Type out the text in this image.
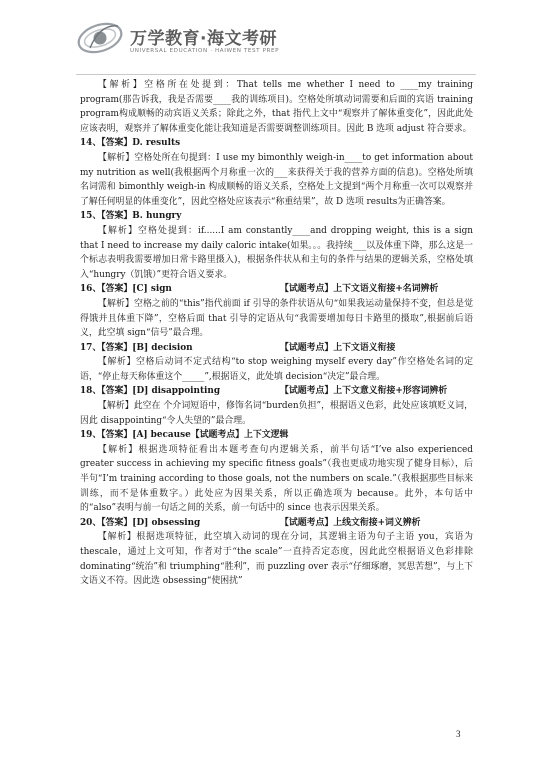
万学教育·海文考研
UNIVERSAL EDUCATION · HAIWEN TEST PREP

【解析】空格所在处提到：That tells me whether I need to ____my training program(那告诉我，我是否需要____我的训练项目)。空格处所填动词需要和后面的宾语 training program构成顺畅的动宾语义关系；除此之外，that 指代上文中“观察并了解体重变化”，因此此处应该表明，观察并了解体重变化能让我知道是否需要调整训练项目。因此 B 选项 adjust 符合要求。

14、【答案】D. results

【解析】空格处所在句提到：I use my bimonthly weigh-in____to get information about my nutrition as well(我根据两个月称重一次的___来获得关于我的营养方面的信息)。空格处所填名词需和 bimonthly weigh-in 构成顺畅的语义关系，空格处上文提到“两个月称重一次可以观察并了解任何明显的体重变化”，因此空格处应该表示“称重结果”，故 D 选项 results为正确答案。

15、【答案】B. hungry

【解析】空格处提到：if......I am constantly____and dropping weight, this is a sign that I need to increase my daily caloric intake(如果。。。我持续___以及体重下降，那么这是一个标志表明我需要增加日常卡路里摄入)，根据条件状从和主句的条件与结果的逻辑关系，空格处填入“hungry（饥饿）”更符合语义要求。

16、【答案】[C] sign	【试题考点】上下文语义衔接+名词辨析

【解析】空格之前的“this”指代前面 if 引导的条件状语从句“如果我运动量保持不变，但总是觉得饿并且体重下降”，空格后面 that 引导的定语从句“我需要增加每日卡路里的摄取”,根据前后语义，此空填 sign“信号”最合理。

17、【答案】[B] decision	【试题考点】上下文语义衔接

【解析】空格后动词不定式结构“to stop weighing myself every day”作空格处名词的定语，“停止每天称体重这个_____”,根据语义，此处填 decision“决定”最合理。

18、【答案】[D] disappointing	【试题考点】上下文意义衔接+形容词辨析

【解析】此空在 个介词短语中，修饰名词“burden负担”，根据语义色彩，此处应该填贬义词，因此 disappointing“令人失望的”最合理。

19、【答案】[A] because【试题考点】上下文逻辑

【解析】根据选项特征看出本题考查句内逻辑关系，前半句话“I’ve also experienced greater success in achieving my specific fitness goals”（我也更成功地实现了健身目标），后半句“I’m training according to those goals, not the numbers on scale.”（我根据那些目标来训练，而不是体重数字。）此处应为因果关系，所以正确选项为 because。此外，本句话中的“also”表明与前一句话之间的关系，前一句话中的 since 也表示因果关系。

20、【答案】[D] obsessing	【试题考点】上线文衔接+词义辨析

【解析】根据选项特征，此空填入动词的现在分词，其逻辑主语为句子主语 you，宾语为 thescale，通过上文可知，作者对于“the scale”一直持否定态度，因此此空根据语义色彩排除 dominating“统治”和 triumphing“胜利”，而 puzzling over 表示“仔细琢磨，冥思苦想”，与上下文语义不符。因此选 obsessing“使困扰”

3
